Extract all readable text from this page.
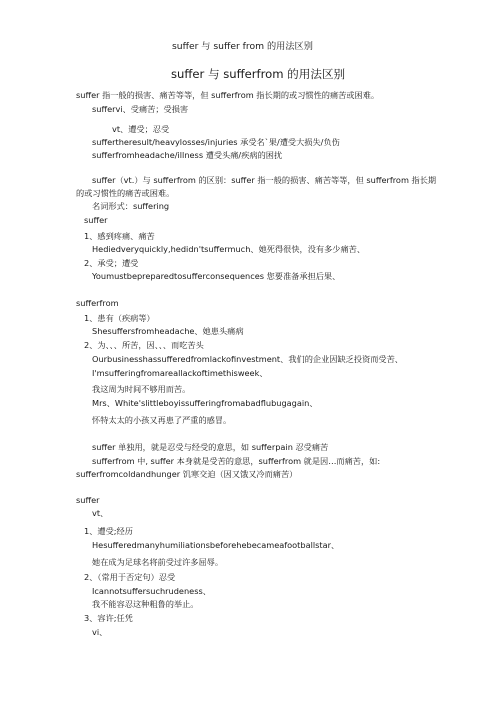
suffer 与 suffer from 的用法区别
suffer 与 sufferfrom 的用法区别
suffer 指一般的损害、痛苦等等，但 sufferfrom 指长期的或习惯性的痛苦或困难。
suffervi、受痛苦；受损害
vt、遭受；忍受
suffertheresult/heavylosses/injuries 承受名`果/遭受大损失/负伤
sufferfromheadache/illness 遭受头痛/疾病的困扰
suffer（vt.）与 sufferfrom 的区别：suffer 指一般的损害、痛苦等等，但 sufferfrom 指长期
的或习惯性的痛苦或困难。
名词形式：suffering
suffer
1、感到疼痛、痛苦
Hediedveryquickly,hedidn'tsuffermuch、她死得很快，没有多少痛苦、
2、承受；遭受
Youmustbepreparedtosufferconsequences 您要准备承担后果、
sufferfrom
1、患有（疾病等）
Shesuffersfromheadache、她患头痛病
2、为、、、所苦，因、、、而吃苦头
Ourbusinesshassufferedfromlackofinvestment、我们的企业因缺乏投资而受苦、
I'msufferingfromareallackoftimethisweek、
我这周为时间不够用而苦。
Mrs、White'slittleboyissufferingfromabadflubugagain、
怀特太太的小孩又再患了严重的感冒。
suffer 单独用，就是忍受与经受的意思，如 sufferpain 忍受痛苦
sufferfrom 中, suffer 本身就是受苦的意思，sufferfrom 就是因…而痛苦，如:
sufferfromcoldandhunger 饥寒交迫（因又饿又冷而痛苦）
suffer
vt、
1、遭受;经历
Hesufferedmanyhumiliationsbeforehebecameafootballstar、
她在成为足球名将前受过许多屈辱。
2、（常用于否定句）忍受
Icannotsuffersuchrudeness、
我不能容忍这种粗鲁的举止。
3、容许;任凭
vi、
